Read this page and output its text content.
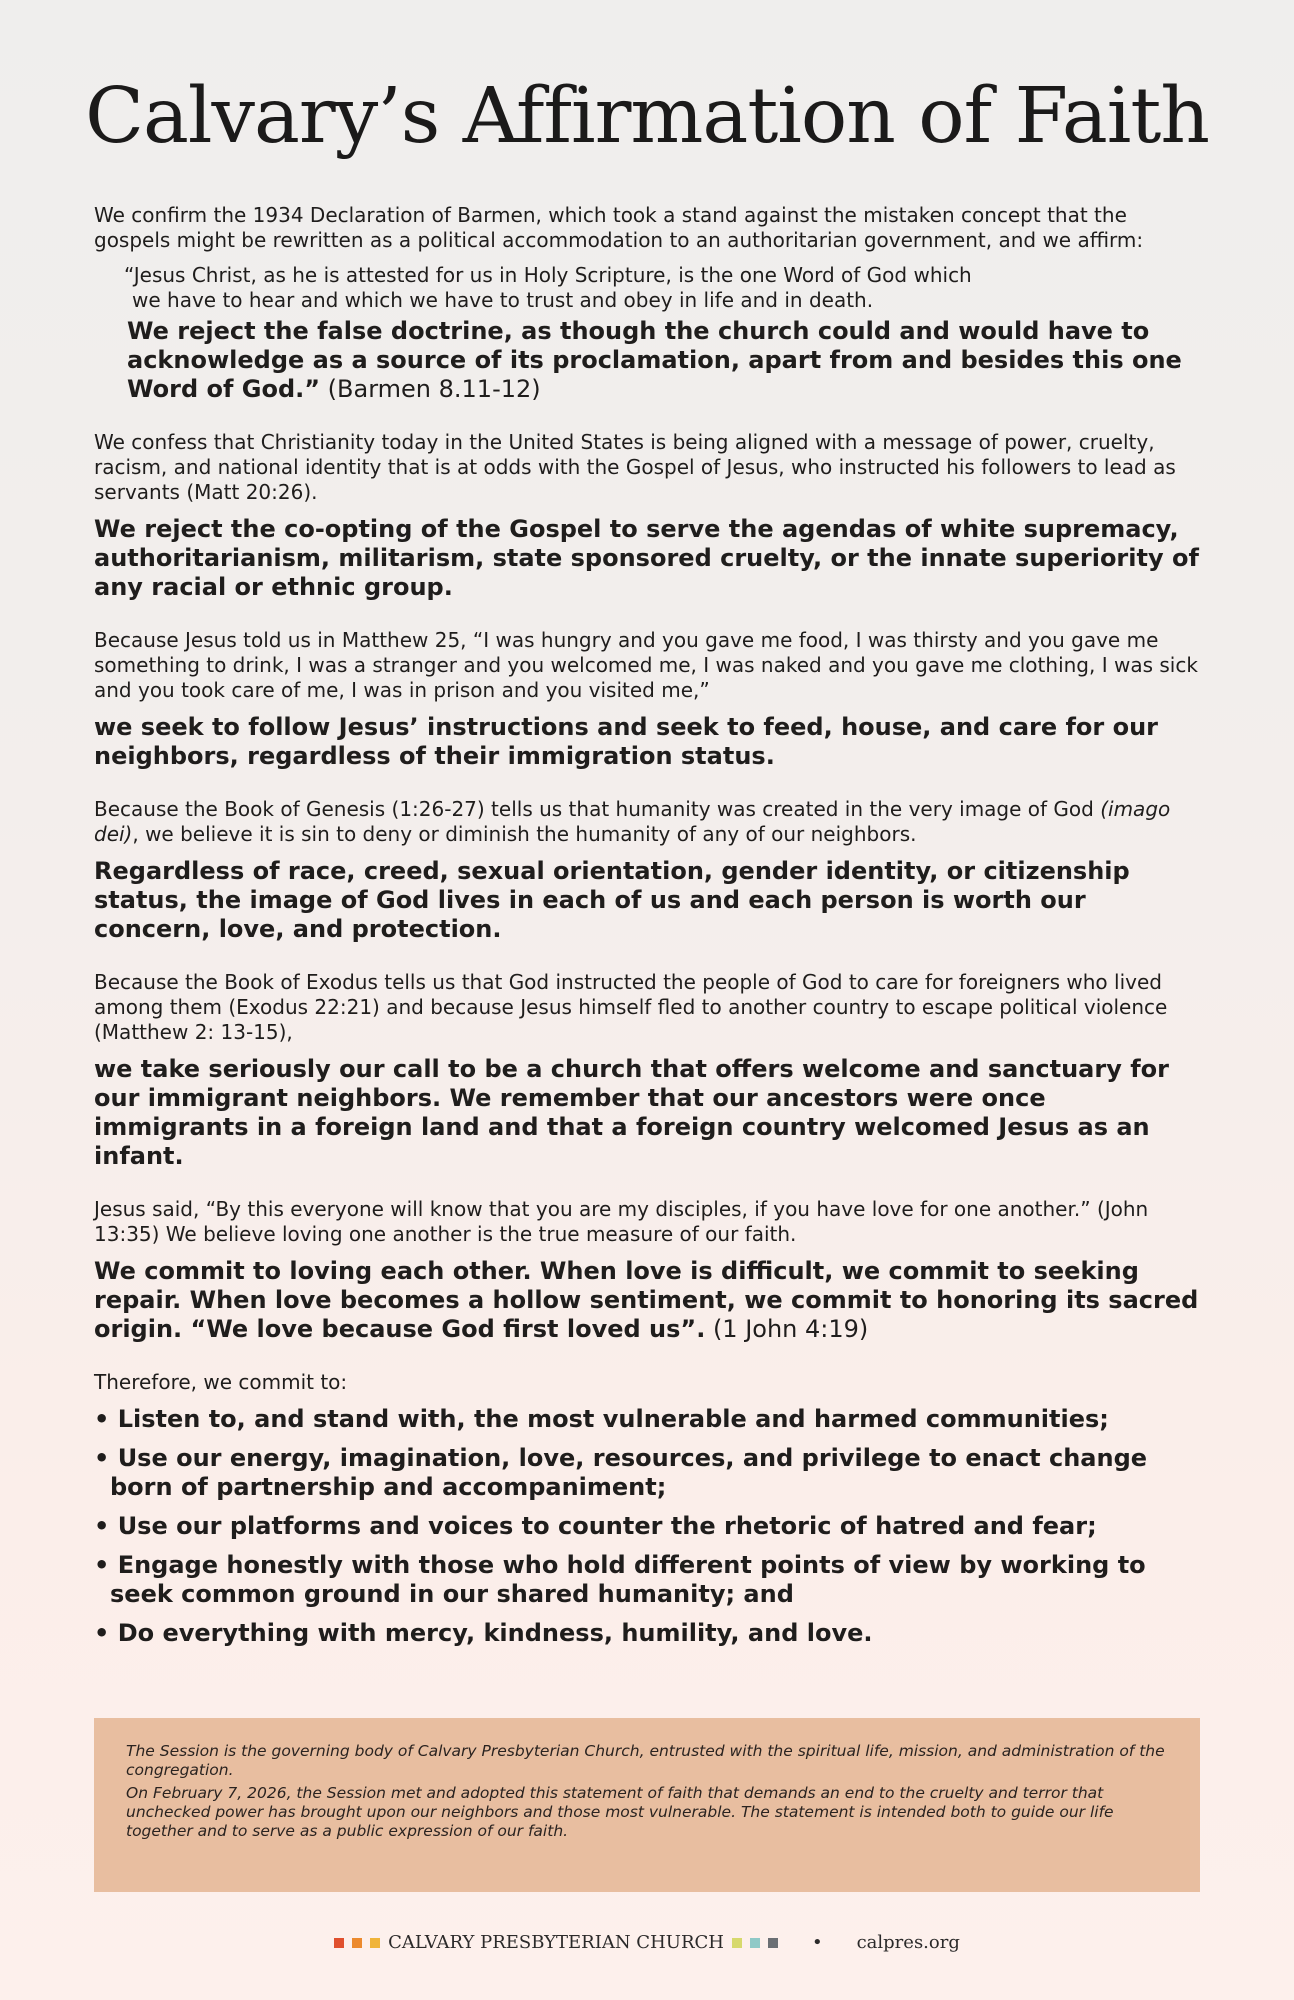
Calvary’s Affirmation of Faith

We confirm the 1934 Declaration of Barmen, which took a stand against the mistaken concept that the gospels might be rewritten as a political accommodation to an authoritarian government, and we affirm:

“Jesus Christ, as he is attested for us in Holy Scripture, is the one Word of God which
we have to hear and which we have to trust and obey in life and in death.

We reject the false doctrine, as though the church could and would have to acknowledge as a source of its proclamation, apart from and besides this one Word of God.” (Barmen 8.11-12)

We confess that Christianity today in the United States is being aligned with a message of power, cruelty, racism, and national identity that is at odds with the Gospel of Jesus, who instructed his followers to lead as servants (Matt 20:26).

We reject the co-opting of the Gospel to serve the agendas of white supremacy, authoritarianism, militarism, state sponsored cruelty, or the innate superiority of any racial or ethnic group.

Because Jesus told us in Matthew 25, “I was hungry and you gave me food, I was thirsty and you gave me something to drink, I was a stranger and you welcomed me, I was naked and you gave me clothing, I was sick and you took care of me, I was in prison and you visited me,”

we seek to follow Jesus’ instructions and seek to feed, house, and care for our neighbors, regardless of their immigration status.

Because the Book of Genesis (1:26-27) tells us that humanity was created in the very image of God (imago dei), we believe it is sin to deny or diminish the humanity of any of our neighbors.

Regardless of race, creed, sexual orientation, gender identity, or citizenship status, the image of God lives in each of us and each person is worth our concern, love, and protection.

Because the Book of Exodus tells us that God instructed the people of God to care for foreigners who lived among them (Exodus 22:21) and because Jesus himself fled to another country to escape political violence (Matthew 2: 13-15),

we take seriously our call to be a church that offers welcome and sanctuary for our immigrant neighbors. We remember that our ancestors were once immigrants in a foreign land and that a foreign country welcomed Jesus as an infant.

Jesus said, “By this everyone will know that you are my disciples, if you have love for one another.” (John 13:35) We believe loving one another is the true measure of our faith.

We commit to loving each other. When love is difficult, we commit to seeking repair. When love becomes a hollow sentiment, we commit to honoring its sacred origin. “We love because God first loved us”. (1 John 4:19)

Therefore, we commit to:

• Listen to, and stand with, the most vulnerable and harmed communities;
• Use our energy, imagination, love, resources, and privilege to enact change born of partnership and accompaniment;
• Use our platforms and voices to counter the rhetoric of hatred and fear;
• Engage honestly with those who hold different points of view by working to seek common ground in our shared humanity; and
• Do everything with mercy, kindness, humility, and love.

The Session is the governing body of Calvary Presbyterian Church, entrusted with the spiritual life, mission, and administration of the congregation.

On February 7, 2026, the Session met and adopted this statement of faith that demands an end to the cruelty and terror that unchecked power has brought upon our neighbors and those most vulnerable. The statement is intended both to guide our life together and to serve as a public expression of our faith.

CALVARY PRESBYTERIAN CHURCH	• calpres.org
